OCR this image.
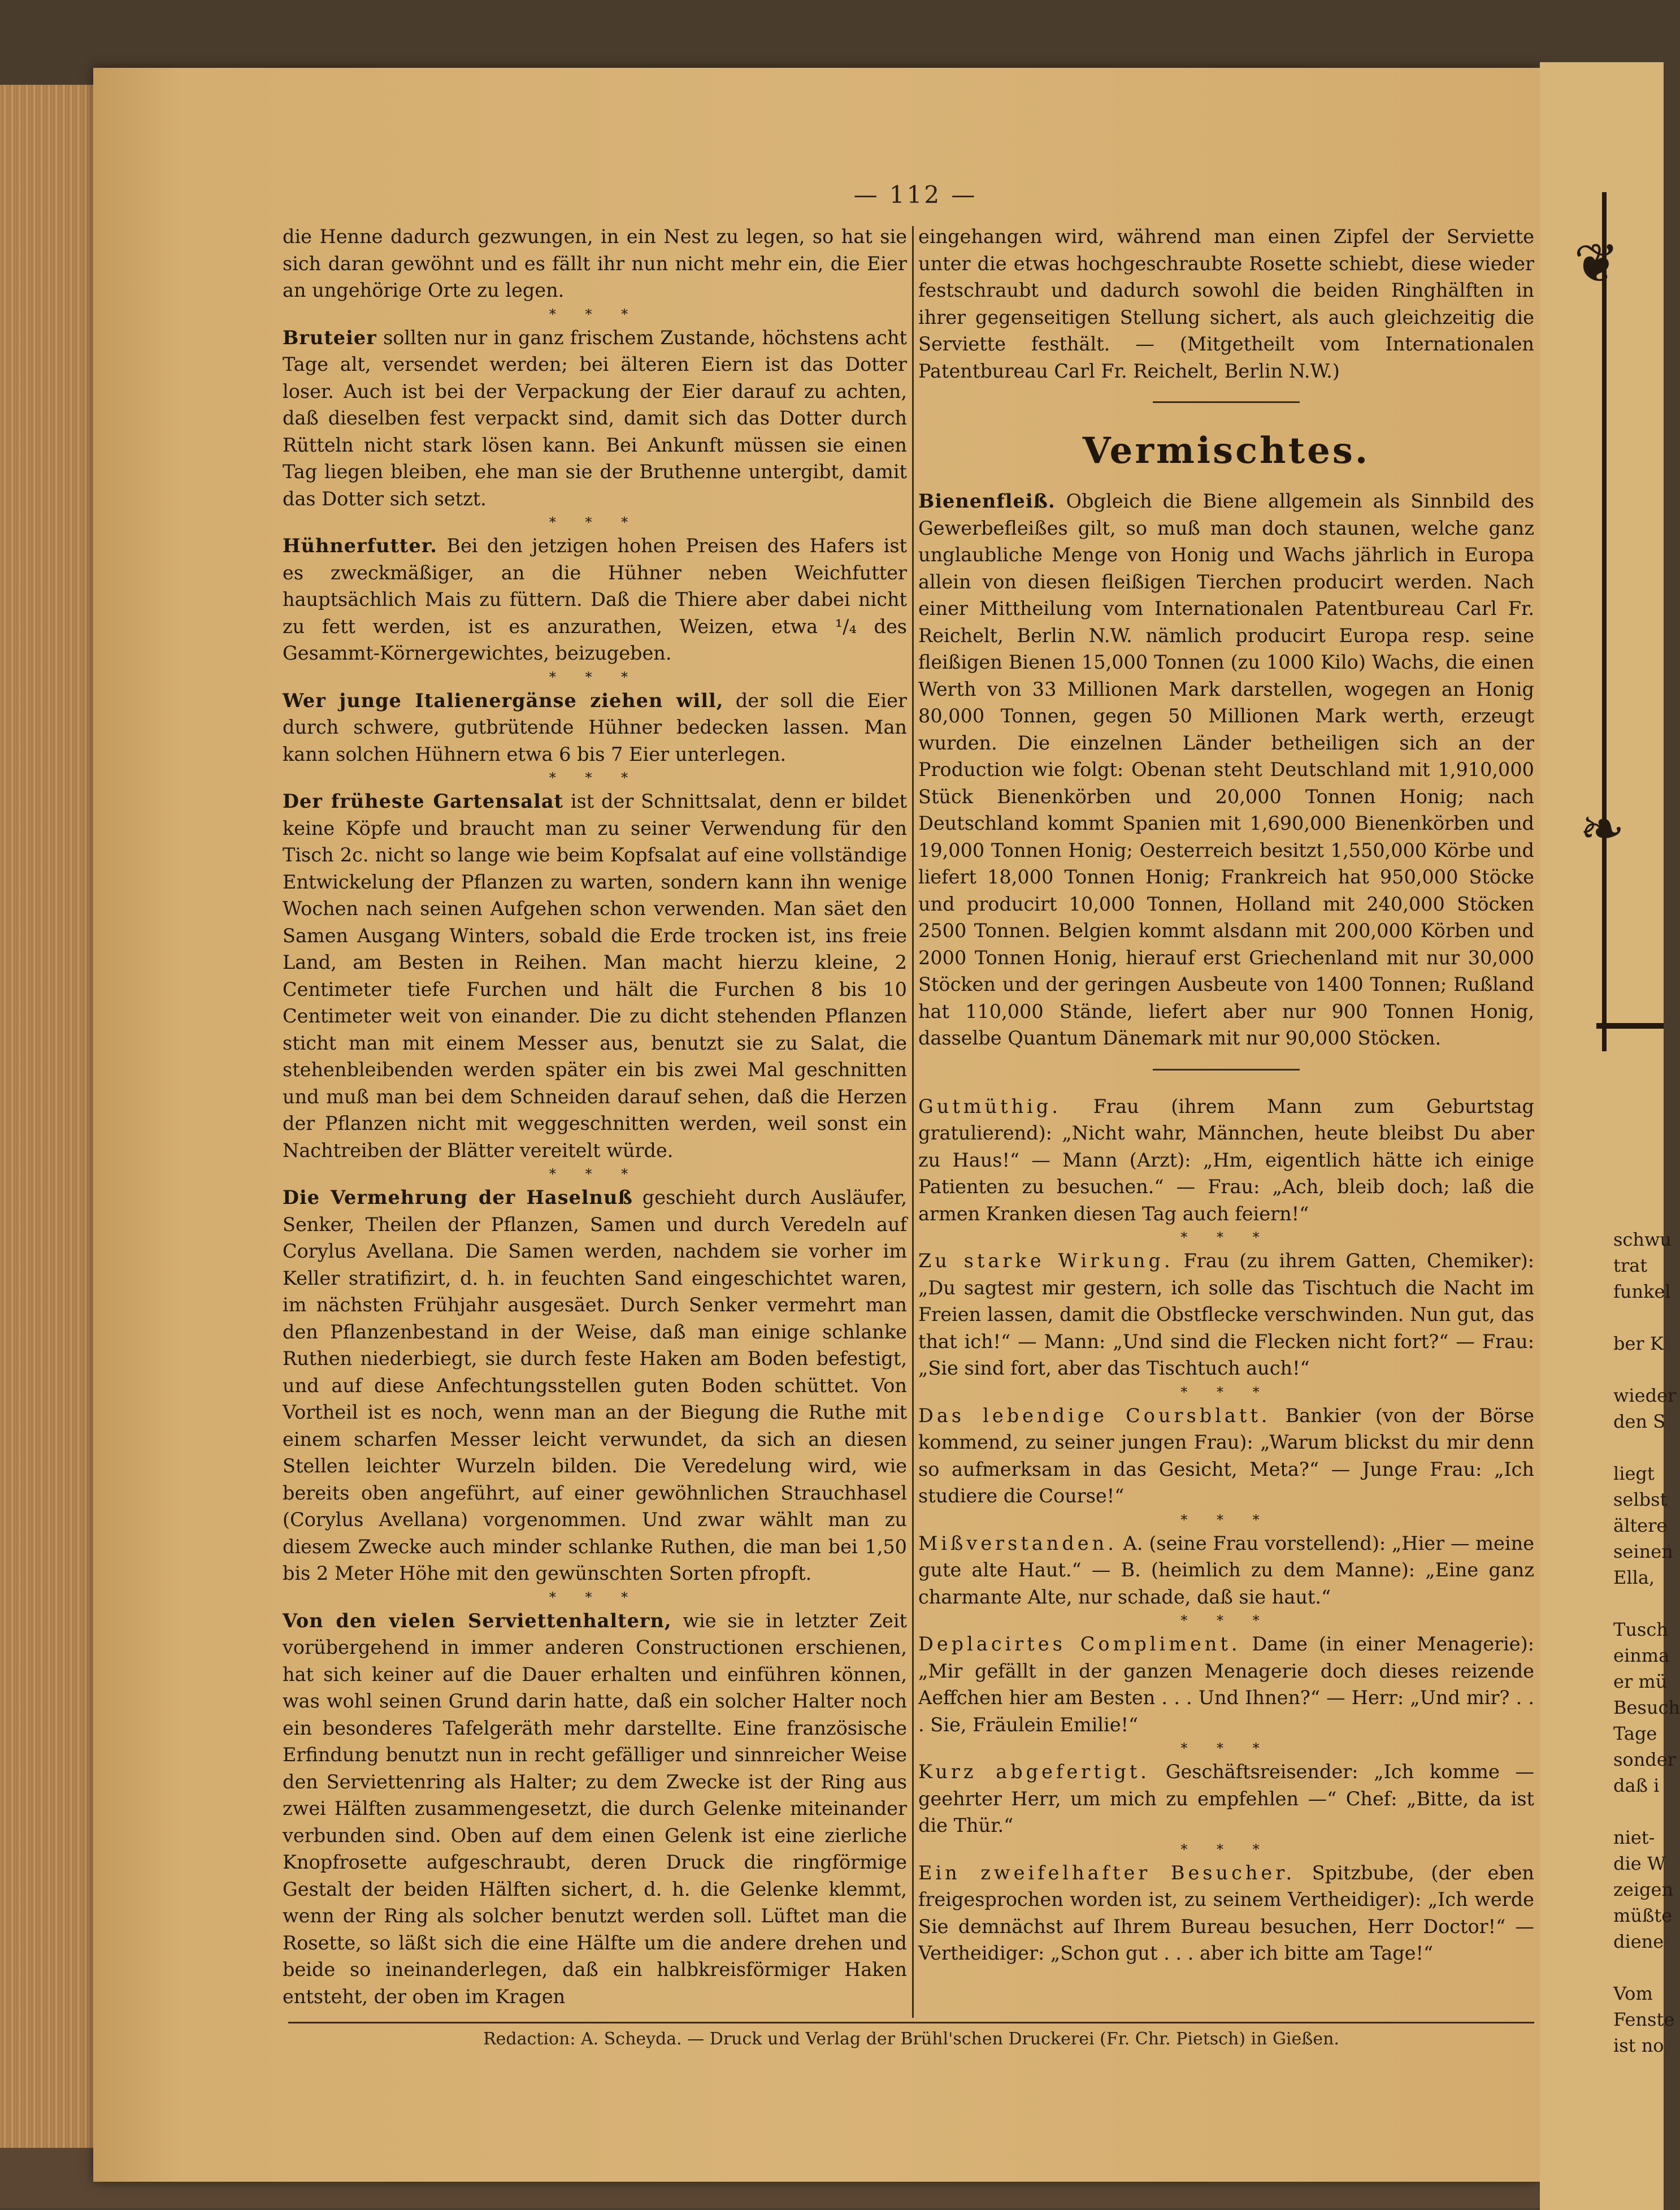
— 112 —

die Henne dadurch gezwungen, in ein Nest zu legen, so hat sie sich daran gewöhnt und es fällt ihr nun nicht mehr ein, die Eier an ungehörige Orte zu legen.

* * *

Bruteier sollten nur in ganz frischem Zustande, höchstens acht Tage alt, versendet werden; bei älteren Eiern ist das Dotter loser. Auch ist bei der Verpackung der Eier darauf zu achten, daß dieselben fest verpackt sind, damit sich das Dotter durch Rütteln nicht stark lösen kann. Bei Ankunft müssen sie einen Tag liegen bleiben, ehe man sie der Bruthenne untergibt, damit das Dotter sich setzt.

* * *

Hühnerfutter. Bei den jetzigen hohen Preisen des Hafers ist es zweckmäßiger, an die Hühner neben Weichfutter hauptsächlich Mais zu füttern. Daß die Thiere aber dabei nicht zu fett werden, ist es anzurathen, Weizen, etwa ¹/₄ des Gesammt-Körnergewichtes, beizugeben.

* * *

Wer junge Italienergänse ziehen will, der soll die Eier durch schwere, gutbrütende Hühner bedecken lassen. Man kann solchen Hühnern etwa 6 bis 7 Eier unterlegen.

* * *

Der früheste Gartensalat ist der Schnittsalat, denn er bildet keine Köpfe und braucht man zu seiner Verwendung für den Tisch 2c. nicht so lange wie beim Kopfsalat auf eine vollständige Entwickelung der Pflanzen zu warten, sondern kann ihn wenige Wochen nach seinen Aufgehen schon verwenden. Man säet den Samen Ausgang Winters, sobald die Erde trocken ist, ins freie Land, am Besten in Reihen. Man macht hierzu kleine, 2 Centimeter tiefe Furchen und hält die Furchen 8 bis 10 Centimeter weit von einander. Die zu dicht stehenden Pflanzen sticht man mit einem Messer aus, benutzt sie zu Salat, die stehenbleibenden werden später ein bis zwei Mal geschnitten und muß man bei dem Schneiden darauf sehen, daß die Herzen der Pflanzen nicht mit weggeschnitten werden, weil sonst ein Nachtreiben der Blätter vereitelt würde.

* * *

Die Vermehrung der Haselnuß geschieht durch Ausläufer, Senker, Theilen der Pflanzen, Samen und durch Veredeln auf Corylus Avellana. Die Samen werden, nachdem sie vorher im Keller stratifizirt, d. h. in feuchten Sand eingeschichtet waren, im nächsten Frühjahr ausgesäet. Durch Senker vermehrt man den Pflanzenbestand in der Weise, daß man einige schlanke Ruthen niederbiegt, sie durch feste Haken am Boden befestigt, und auf diese Anfechtungsstellen guten Boden schüttet. Von Vortheil ist es noch, wenn man an der Biegung die Ruthe mit einem scharfen Messer leicht verwundet, da sich an diesen Stellen leichter Wurzeln bilden. Die Veredelung wird, wie bereits oben angeführt, auf einer gewöhnlichen Strauchhasel (Corylus Avellana) vorgenommen. Und zwar wählt man zu diesem Zwecke auch minder schlanke Ruthen, die man bei 1,50 bis 2 Meter Höhe mit den gewünschten Sorten pfropft.

* * *

Von den vielen Serviettenhaltern, wie sie in letzter Zeit vorübergehend in immer anderen Constructionen erschienen, hat sich keiner auf die Dauer erhalten und einführen können, was wohl seinen Grund darin hatte, daß ein solcher Halter noch ein besonderes Tafelgeräth mehr darstellte. Eine französische Erfindung benutzt nun in recht gefälliger und sinnreicher Weise den Serviettenring als Halter; zu dem Zwecke ist der Ring aus zwei Hälften zusammengesetzt, die durch Gelenke miteinander verbunden sind. Oben auf dem einen Gelenk ist eine zierliche Knopfrosette aufgeschraubt, deren Druck die ringförmige Gestalt der beiden Hälften sichert, d. h. die Gelenke klemmt, wenn der Ring als solcher benutzt werden soll. Lüftet man die Rosette, so läßt sich die eine Hälfte um die andere drehen und beide so ineinanderlegen, daß ein halbkreisförmiger Haken entsteht, der oben im Kragen

eingehangen wird, während man einen Zipfel der Serviette unter die etwas hochgeschraubte Rosette schiebt, diese wieder festschraubt und dadurch sowohl die beiden Ringhälften in ihrer gegenseitigen Stellung sichert, als auch gleichzeitig die Serviette festhält. — (Mitgetheilt vom Internationalen Patentbureau Carl Fr. Reichelt, Berlin N.W.)

Vermischtes.

Bienenfleiß. Obgleich die Biene allgemein als Sinnbild des Gewerbefleißes gilt, so muß man doch staunen, welche ganz unglaubliche Menge von Honig und Wachs jährlich in Europa allein von diesen fleißigen Tierchen producirt werden. Nach einer Mittheilung vom Internationalen Patentbureau Carl Fr. Reichelt, Berlin N.W. nämlich producirt Europa resp. seine fleißigen Bienen 15,000 Tonnen (zu 1000 Kilo) Wachs, die einen Werth von 33 Millionen Mark darstellen, wogegen an Honig 80,000 Tonnen, gegen 50 Millionen Mark werth, erzeugt wurden. Die einzelnen Länder betheiligen sich an der Production wie folgt: Obenan steht Deutschland mit 1,910,000 Stück Bienenkörben und 20,000 Tonnen Honig; nach Deutschland kommt Spanien mit 1,690,000 Bienenkörben und 19,000 Tonnen Honig; Oesterreich besitzt 1,550,000 Körbe und liefert 18,000 Tonnen Honig; Frankreich hat 950,000 Stöcke und producirt 10,000 Tonnen, Holland mit 240,000 Stöcken 2500 Tonnen. Belgien kommt alsdann mit 200,000 Körben und 2000 Tonnen Honig, hierauf erst Griechenland mit nur 30,000 Stöcken und der geringen Ausbeute von 1400 Tonnen; Rußland hat 110,000 Stände, liefert aber nur 900 Tonnen Honig, dasselbe Quantum Dänemark mit nur 90,000 Stöcken.

Gutmüthig. Frau (ihrem Mann zum Geburtstag gratulierend): „Nicht wahr, Männchen, heute bleibst Du aber zu Haus!“ — Mann (Arzt): „Hm, eigentlich hätte ich einige Patienten zu besuchen.“ — Frau: „Ach, bleib doch; laß die armen Kranken diesen Tag auch feiern!“

* * *

Zu starke Wirkung. Frau (zu ihrem Gatten, Chemiker): „Du sagtest mir gestern, ich solle das Tischtuch die Nacht im Freien lassen, damit die Obstflecke verschwinden. Nun gut, das that ich!“ — Mann: „Und sind die Flecken nicht fort?“ — Frau: „Sie sind fort, aber das Tischtuch auch!“

* * *

Das lebendige Coursblatt. Bankier (von der Börse kommend, zu seiner jungen Frau): „Warum blickst du mir denn so aufmerksam in das Gesicht, Meta?“ — Junge Frau: „Ich studiere die Course!“

* * *

Mißverstanden. A. (seine Frau vorstellend): „Hier — meine gute alte Haut.“ — B. (heimlich zu dem Manne): „Eine ganz charmante Alte, nur schade, daß sie haut.“

* * *

Deplacirtes Compliment. Dame (in einer Menagerie): „Mir gefällt in der ganzen Menagerie doch dieses reizende Aeffchen hier am Besten . . . Und Ihnen?“ — Herr: „Und mir? . . . Sie, Fräulein Emilie!“

* * *

Kurz abgefertigt. Geschäftsreisender: „Ich komme — geehrter Herr, um mich zu empfehlen —“ Chef: „Bitte, da ist die Thür.“

* * *

Ein zweifelhafter Besucher. Spitzbube, (der eben freigesprochen worden ist, zu seinem Vertheidiger): „Ich werde Sie demnächst auf Ihrem Bureau besuchen, Herr Doctor!“ — Vertheidiger: „Schon gut . . . aber ich bitte am Tage!“

Redaction: A. Scheyda. — Druck und Verlag der Brühl'schen Druckerei (Fr. Chr. Pietsch) in Gießen.
❦
❧
schwu
trat
funkel
ber K
wieder
den S
liegt
selbst
ältere
seinen
Ella,
Tusch
einma
er mü
Besuch
Tage
sonder
daß i
niet-
die W
zeigen
müßte
diene
Vom
Fenste
ist no
